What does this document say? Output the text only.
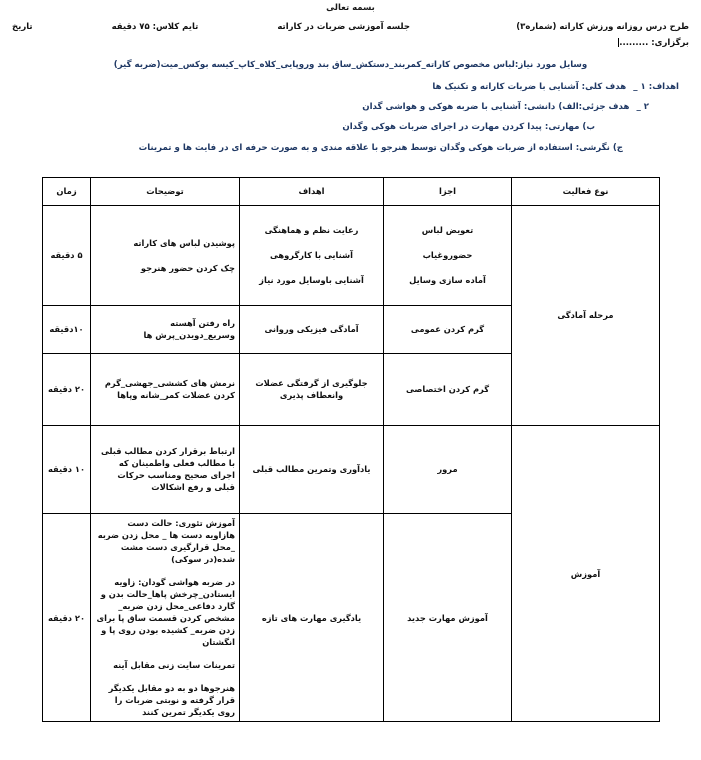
بسمه تعالی
طرح درس روزانه ورزش کاراته (شماره۳)
برگزاری: .........
جلسه آموزشی ضربات در کاراته
تایم کلاس: ۷۵ دقیقه
تاریخ
وسایل مورد نیاز:لباس مخصوص کاراته_کمربند_دستکش_ساق بند وروپایی_کلاه_کاپ_کیسه بوکس_میت(ضربه گیر)
اهداف: ۱ _ هدف کلی: آشنایی با ضربات کاراته و تکنیک ها
۲ _ هدف جزئی:الف) دانشی: آشنایی با ضربه هوکی و هواشی گدان
ب) مهارتی: پیدا کردن مهارت در اجرای ضربات هوکی وگدان
ج) نگرشی: استفاده از ضربات هوکی وگدان توسط هنرجو با علاقه مندی و به صورت حرفه ای در فایت ها و تمرینات
نوع فعالیت	اجزا	اهداف	توضیحات	زمان
مرحله آمادگی	تعویض لباس
حضوروغیاب
آماده سازی وسایل	رعایت نظم و هماهنگی
آشنایی با کارگروهی
آشنایی باوسایل مورد نیاز	پوشیدن لباس های کاراته
چک کردن حضور هنرجو	۵ دقیقه
	گرم کردن عمومی	آمادگی فیزیکی وروانی	راه رفتن آهسته وسریع_دویدن_پرش ها	۱۰دقیقه
	گرم کردن اختصاصی	جلوگیری از گرفتگی عضلات وانعطاف پذیری	نرمش های کششی_جهشی_گرم کردن عضلات کمر_شانه وپاها	۲۰ دقیقه
آموزش	مرور	یادآوری وتمرین مطالب قبلی	ارتباط برقرار کردن مطالب قبلی با مطالب فعلی واطمینان که اجرای صحیح ومناسب حرکات قبلی و رفع اشکالات	۱۰ دقیقه
	آموزش مهارت جدید	یادگیری مهارت های تازه	آموزش تئوری: حالت دست هازاویه دست ها _ محل زدن ضربه _محل قرارگیری دست مشت شده(در سوکی)
در ضربه هواشی گودان: زاویه ایستادن_چرخش پاها_حالت بدن و گارد دفاعی_محل زدن ضربه_ مشخص کردن قسمت ساق پا برای زدن ضربه_ کشیده بودن روی پا و انگشتان
تمرینات سایت زنی مقابل آینه
هنرجوها دو به دو مقابل یکدیگر قرار گرفته و نوبتی ضربات را روی یکدیگر تمرین کنند	۲۰ دقیقه
